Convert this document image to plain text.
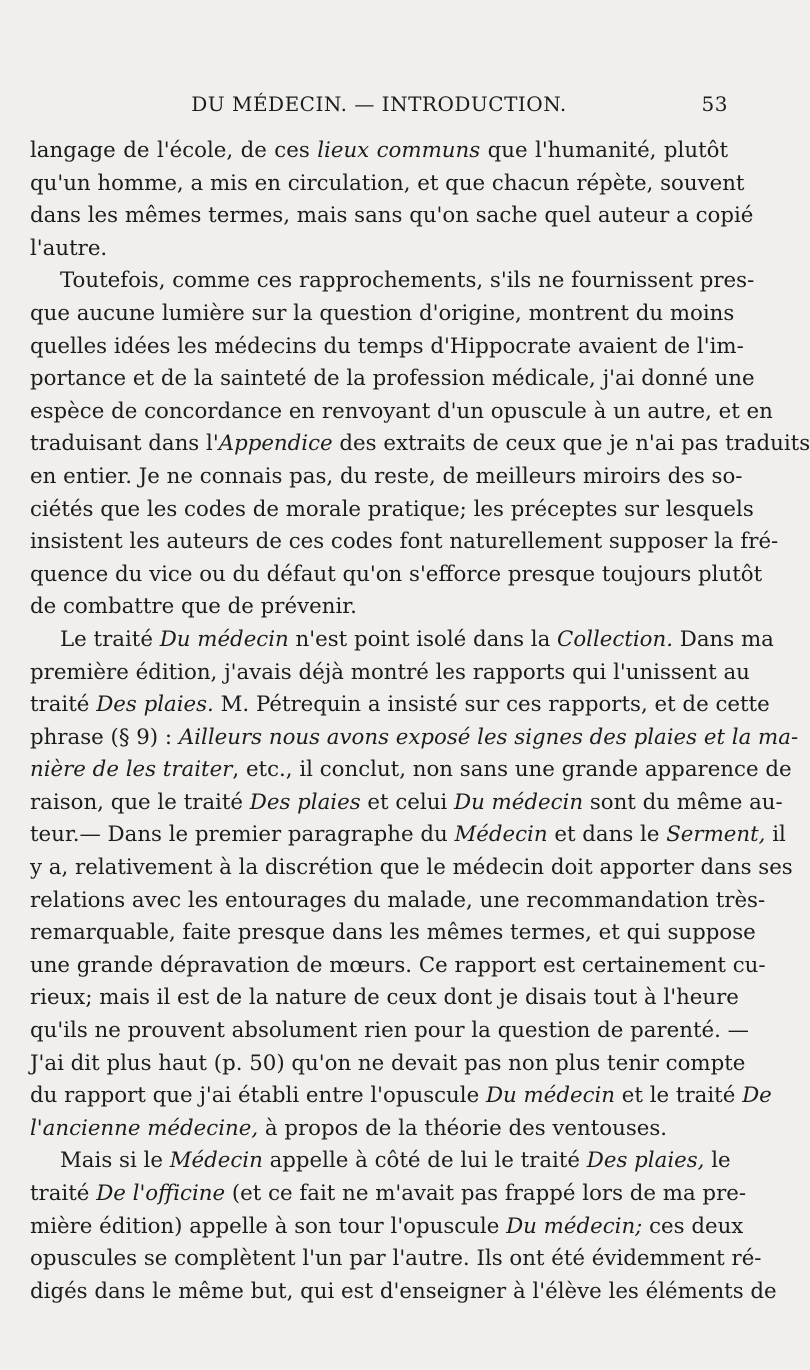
DU MÉDECIN. — INTRODUCTION.	53
langage de l'école, de ces lieux communs que l'humanité, plutôt
qu'un homme, a mis en circulation, et que chacun répète, souvent
dans les mêmes termes, mais sans qu'on sache quel auteur a copié
l'autre.
Toutefois, comme ces rapprochements, s'ils ne fournissent pres-
que aucune lumière sur la question d'origine, montrent du moins
quelles idées les médecins du temps d'Hippocrate avaient de l'im-
portance et de la sainteté de la profession médicale, j'ai donné une
espèce de concordance en renvoyant d'un opuscule à un autre, et en
traduisant dans l'Appendice des extraits de ceux que je n'ai pas traduits
en entier. Je ne connais pas, du reste, de meilleurs miroirs des so-
ciétés que les codes de morale pratique; les préceptes sur lesquels
insistent les auteurs de ces codes font naturellement supposer la fré-
quence du vice ou du défaut qu'on s'efforce presque toujours plutôt
de combattre que de prévenir.
Le traité Du médecin n'est point isolé dans la Collection. Dans ma
première édition, j'avais déjà montré les rapports qui l'unissent au
traité Des plaies. M. Pétrequin a insisté sur ces rapports, et de cette
phrase (§ 9) : Ailleurs nous avons exposé les signes des plaies et la ma-
nière de les traiter, etc., il conclut, non sans une grande apparence de
raison, que le traité Des plaies et celui Du médecin sont du même au-
teur.— Dans le premier paragraphe du Médecin et dans le Serment, il
y a, relativement à la discrétion que le médecin doit apporter dans ses
relations avec les entourages du malade, une recommandation très-
remarquable, faite presque dans les mêmes termes, et qui suppose
une grande dépravation de mœurs. Ce rapport est certainement cu-
rieux; mais il est de la nature de ceux dont je disais tout à l'heure
qu'ils ne prouvent absolument rien pour la question de parenté. —
J'ai dit plus haut (p. 50) qu'on ne devait pas non plus tenir compte
du rapport que j'ai établi entre l'opuscule Du médecin et le traité De
l'ancienne médecine, à propos de la théorie des ventouses.
Mais si le Médecin appelle à côté de lui le traité Des plaies, le
traité De l'officine (et ce fait ne m'avait pas frappé lors de ma pre-
mière édition) appelle à son tour l'opuscule Du médecin; ces deux
opuscules se complètent l'un par l'autre. Ils ont été évidemment ré-
digés dans le même but, qui est d'enseigner à l'élève les éléments de
